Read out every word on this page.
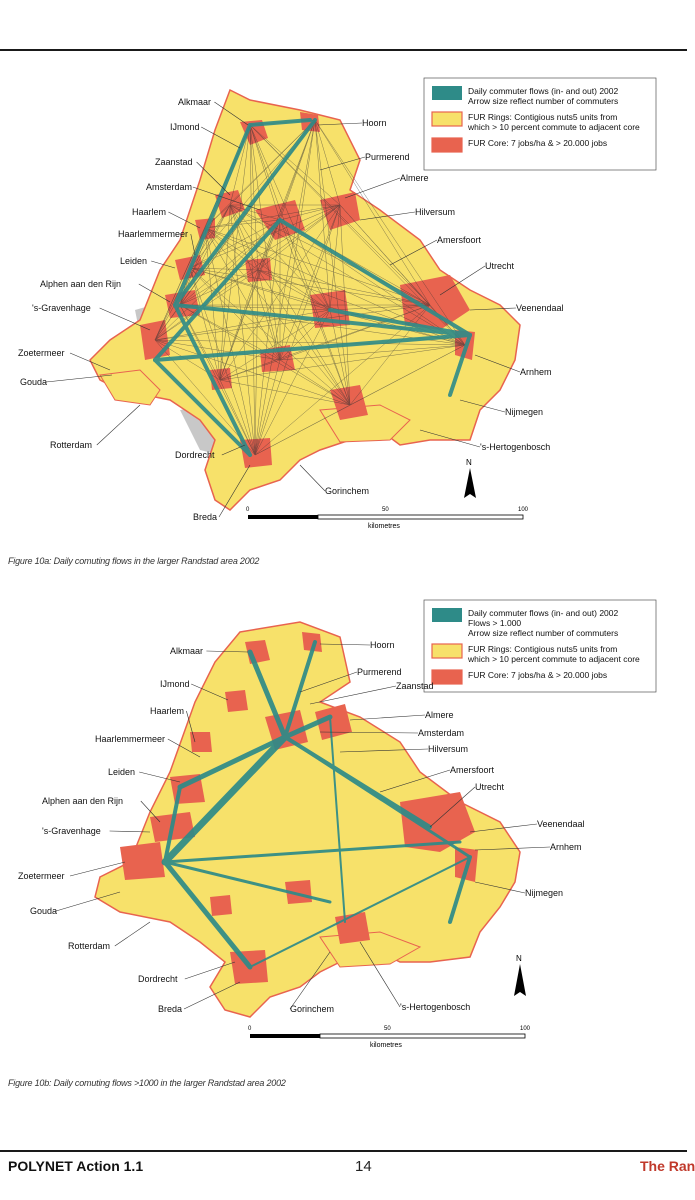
Daily commuter flows (in- and out) 2002
Arrow size reflect number of commuters
FUR Rings: Contigious nuts5 units from
which > 10 percent commute to adjacent core
FUR Core: 7 jobs/ha & > 20.000 jobs
Alkmaar
IJmond
Zaanstad
Amsterdam
Haarlem
Haarlemmermeer
Leiden
Alphen aan den Rijn
's-Gravenhage
Zoetermeer
Gouda
Rotterdam
Dordrecht
Breda
Gorinchem
's-Hertogenbosch
Nijmegen
Arnhem
Veenendaal
Utrecht
Amersfoort
Hilversum
Almere
Purmerend
Hoorn
N
0	50	100
kilometres
Figure 10a: Daily comuting flows in the larger Randstad area 2002
Daily commuter flows (in- and out) 2002
Flows > 1.000
Arrow size reflect number of commuters
FUR Rings: Contigious nuts5 units from
which > 10 percent commute to adjacent core
FUR Core: 7 jobs/ha & > 20.000 jobs
Alkmaar
IJmond
Haarlem
Haarlemmermeer
Leiden
Alphen aan den Rijn
's-Gravenhage
Zoetermeer
Gouda
Rotterdam
Dordrecht
Breda	Gorinchem	's-Hertogenbosch
Nijmegen
Arnhem
Veenendaal
Utrecht
Amersfoort
Hilversum
Amsterdam
Almere
Zaanstad
Purmerend
Hoorn
N
0	50	100
kilometres
Figure 10b: Daily comuting flows >1000 in the larger Randstad area 2002
POLYNET Action 1.1	14	The Ran
